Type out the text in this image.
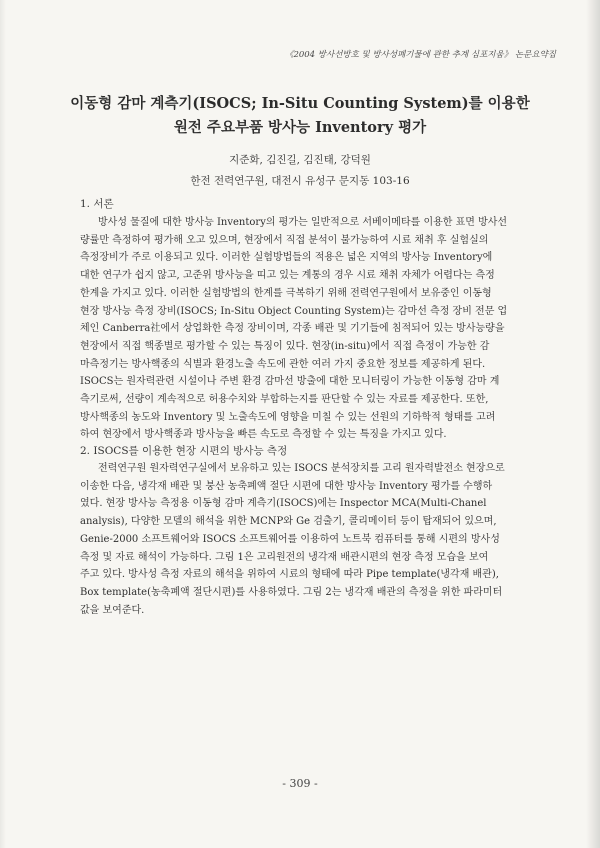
《2004 방사선방호 및 방사성폐기물에 관한 추계 심포지움》 논문요약집
이동형 감마 계측기(ISOCS; In-Situ Counting System)를 이용한
원전 주요부품 방사능 Inventory 평가
지준화, 김진길, 김진태, 강덕원
한전 전력연구원, 대전시 유성구 문지동 103-16
1. 서론
방사성 물질에 대한 방사능 Inventory의 평가는 일반적으로 서베이메타를 이용한 표면 방사선
량률만 측정하여 평가해 오고 있으며, 현장에서 직접 분석이 불가능하여 시료 채취 후 실험실의
측정장비가 주로 이용되고 있다. 이러한 실험방법들의 적용은 넓은 지역의 방사능 Inventory에
대한 연구가 쉽지 않고, 고준위 방사능을 띠고 있는 계통의 경우 시료 채취 자체가 어렵다는 측정
한계을 가지고 있다. 이러한 실험방법의 한계를 극복하기 위해 전력연구원에서 보유중인 이동형
현장 방사능 측정 장비(ISOCS; In-Situ Object Counting System)는 감마선 측정 장비 전문 업
체인 Canberra社에서 상업화한 측정 장비이며, 각종 배관 및 기기들에 침적되어 있는 방사능량을
현장에서 직접 핵종별로 평가할 수 있는 특징이 있다. 현장(in-situ)에서 직접 측정이 가능한 감
마측정기는 방사핵종의 식별과 환경노출 속도에 관한 여러 가지 중요한 정보를 제공하게 된다.
ISOCS는 원자력관련 시설이나 주변 환경 감마선 방출에 대한 모니터링이 가능한 이동형 감마 계
측기로써, 선량이 계속적으로 허용수치와 부합하는지를 판단할 수 있는 자료를 제공한다. 또한,
방사핵종의 농도와 Inventory 및 노출속도에 영향을 미칠 수 있는 선원의 기하학적 형태를 고려
하여 현장에서 방사핵종과 방사능을 빠른 속도로 측정할 수 있는 특징을 가지고 있다.
2. ISOCS를 이용한 현장 시편의 방사능 측정
전력연구원 원자력연구실에서 보유하고 있는 ISOCS 분석장치를 고리 원자력발전소 현장으로
이송한 다음, 냉각재 배관 및 붕산 농축폐액 절단 시편에 대한 방사능 Inventory 평가를 수행하
였다. 현장 방사능 측정용 이동형 감마 계측기(ISOCS)에는 Inspector MCA(Multi-Chanel
analysis), 다양한 모델의 해석을 위한 MCNP와 Ge 검출기, 콜리메이터 등이 탑재되어 있으며,
Genie-2000 소프트웨어와 ISOCS 소프트웨어를 이용하여 노트북 컴퓨터를 통해 시편의 방사성
측정 및 자료 해석이 가능하다. 그림 1은 고리원전의 냉각재 배관시편의 현장 측정 모습을 보여
주고 있다. 방사성 측정 자료의 해석을 위하여 시료의 형태에 따라 Pipe template(냉각재 배관),
Box template(농축폐액 절단시편)를 사용하였다. 그림 2는 냉각재 배관의 측정을 위한 파라미터
값을 보여준다.
- 309 -
